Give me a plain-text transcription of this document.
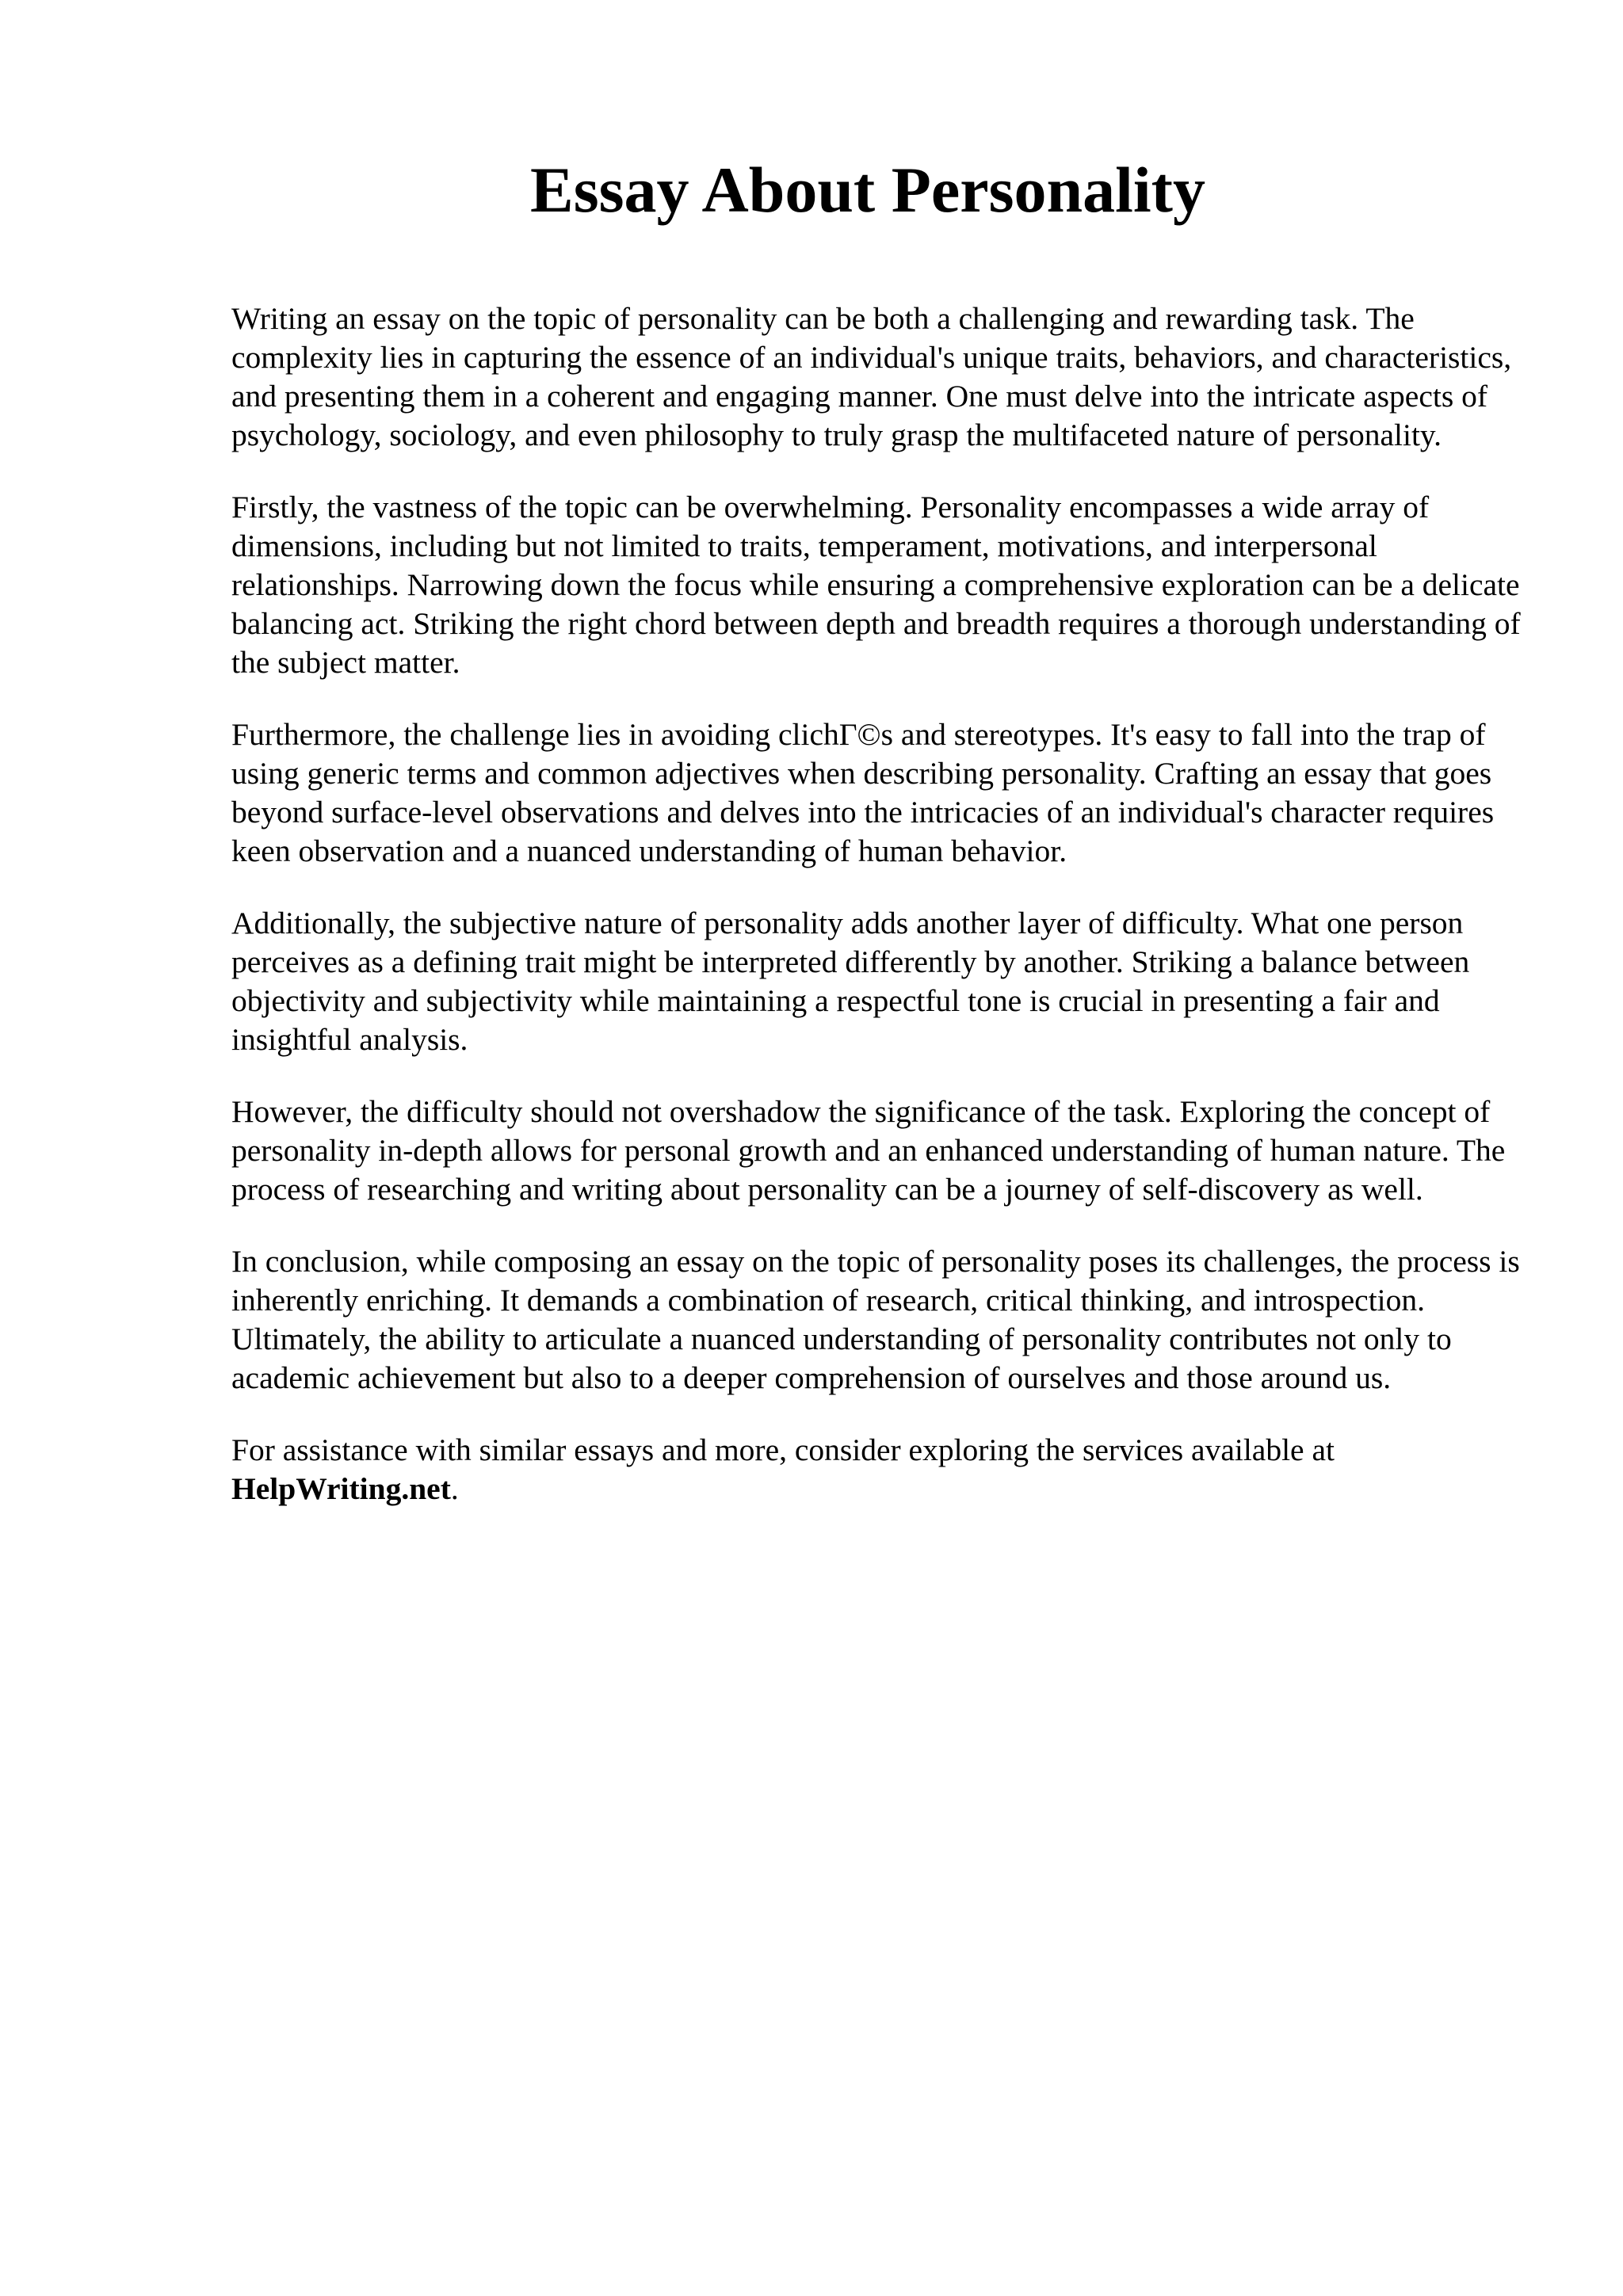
Essay About Personality

Writing an essay on the topic of personality can be both a challenging and rewarding task. The complexity lies in capturing the essence of an individual's unique traits, behaviors, and characteristics, and presenting them in a coherent and engaging manner. One must delve into the intricate aspects of psychology, sociology, and even philosophy to truly grasp the multifaceted nature of personality.

Firstly, the vastness of the topic can be overwhelming. Personality encompasses a wide array of dimensions, including but not limited to traits, temperament, motivations, and interpersonal relationships. Narrowing down the focus while ensuring a comprehensive exploration can be a delicate balancing act. Striking the right chord between depth and breadth requires a thorough understanding of the subject matter.

Furthermore, the challenge lies in avoiding clichΓ©s and stereotypes. It's easy to fall into the trap of using generic terms and common adjectives when describing personality. Crafting an essay that goes beyond surface-level observations and delves into the intricacies of an individual's character requires keen observation and a nuanced understanding of human behavior.

Additionally, the subjective nature of personality adds another layer of difficulty. What one person perceives as a defining trait might be interpreted differently by another. Striking a balance between objectivity and subjectivity while maintaining a respectful tone is crucial in presenting a fair and insightful analysis.

However, the difficulty should not overshadow the significance of the task. Exploring the concept of personality in-depth allows for personal growth and an enhanced understanding of human nature. The process of researching and writing about personality can be a journey of self-discovery as well.

In conclusion, while composing an essay on the topic of personality poses its challenges, the process is inherently enriching. It demands a combination of research, critical thinking, and introspection. Ultimately, the ability to articulate a nuanced understanding of personality contributes not only to academic achievement but also to a deeper comprehension of ourselves and those around us.

For assistance with similar essays and more, consider exploring the services available at
HelpWriting.net.
